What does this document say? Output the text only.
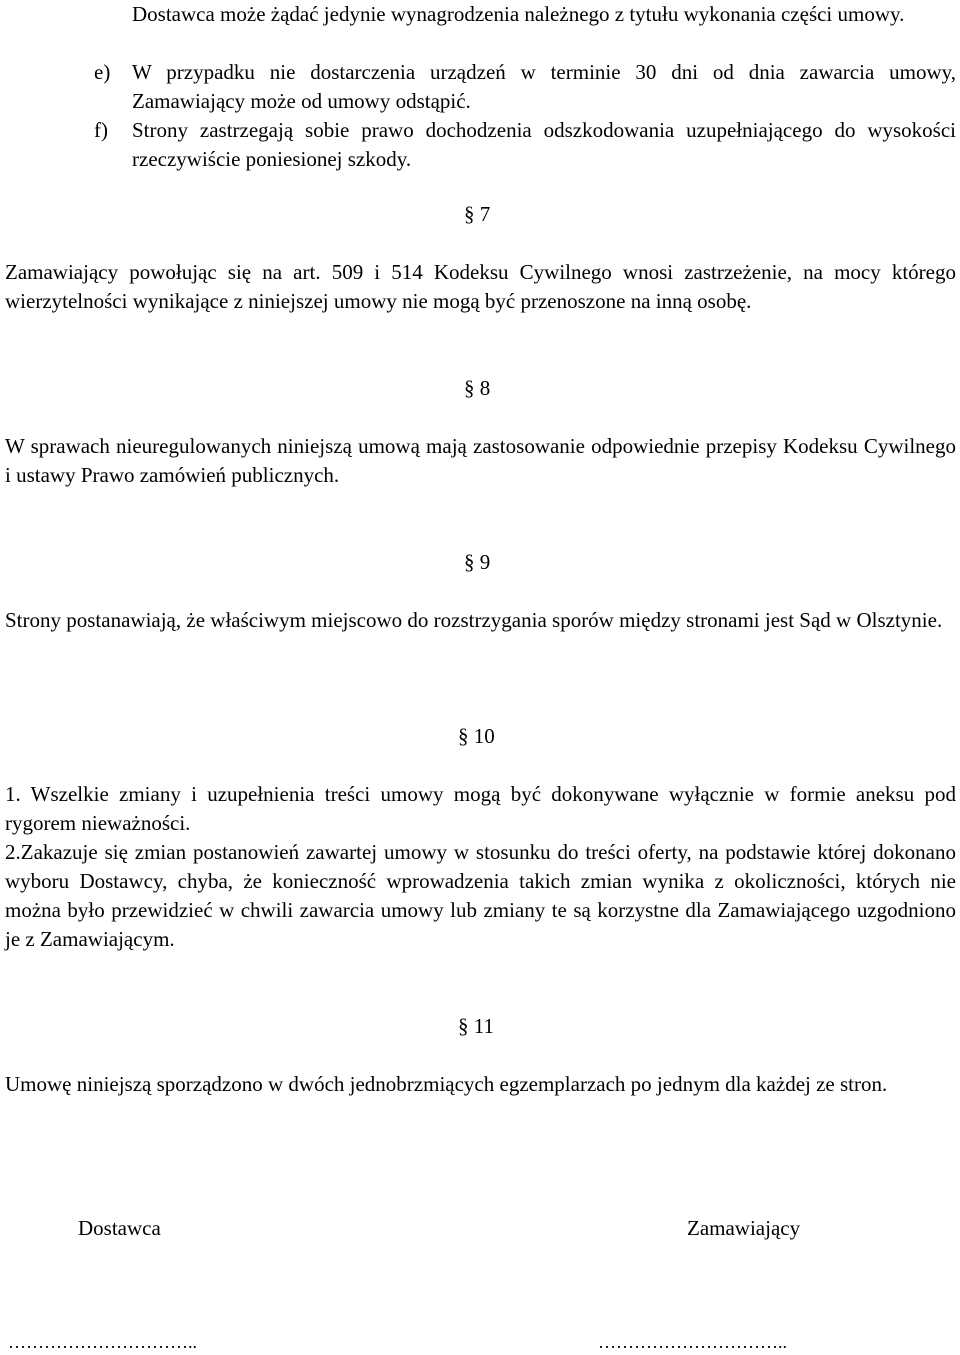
Dostawca może żądać jedynie wynagrodzenia należnego z tytułu wykonania części umowy.

e)	W przypadku nie dostarczenia urządzeń w terminie 30 dni od dnia zawarcia umowy, Zamawiający może od umowy odstąpić.
f)	Strony zastrzegają sobie prawo dochodzenia odszkodowania uzupełniającego do wysokości rzeczywiście poniesionej szkody.
§ 7

Zamawiający powołując się na art. 509 i 514 Kodeksu Cywilnego wnosi zastrzeżenie, na mocy którego wierzytelności wynikające z niniejszej umowy nie mogą być przenoszone na inną osobę.

§ 8

W sprawach nieuregulowanych niniejszą umową mają zastosowanie odpowiednie przepisy Kodeksu Cywilnego i ustawy Prawo zamówień publicznych.

§ 9

Strony postanawiają, że właściwym miejscowo do rozstrzygania sporów między stronami jest Sąd w Olsztynie.

§ 10

1. Wszelkie zmiany i uzupełnienia treści umowy mogą być dokonywane wyłącznie w formie aneksu pod rygorem nieważności.

2.Zakazuje się zmian postanowień zawartej umowy w stosunku do treści oferty, na podstawie której dokonano wyboru Dostawcy, chyba, że konieczność wprowadzenia takich zmian wynika z okoliczności, których nie można było przewidzieć w chwili zawarcia umowy lub zmiany te są korzystne dla Zamawiającego uzgodniono je z Zamawiającym.

§ 11

Umowę niniejszą sporządzono w dwóch jednobrzmiących egzemplarzach po jednym dla każdej ze stron.

Dostawca	Zamawiający
…………………………..	…………………………..
